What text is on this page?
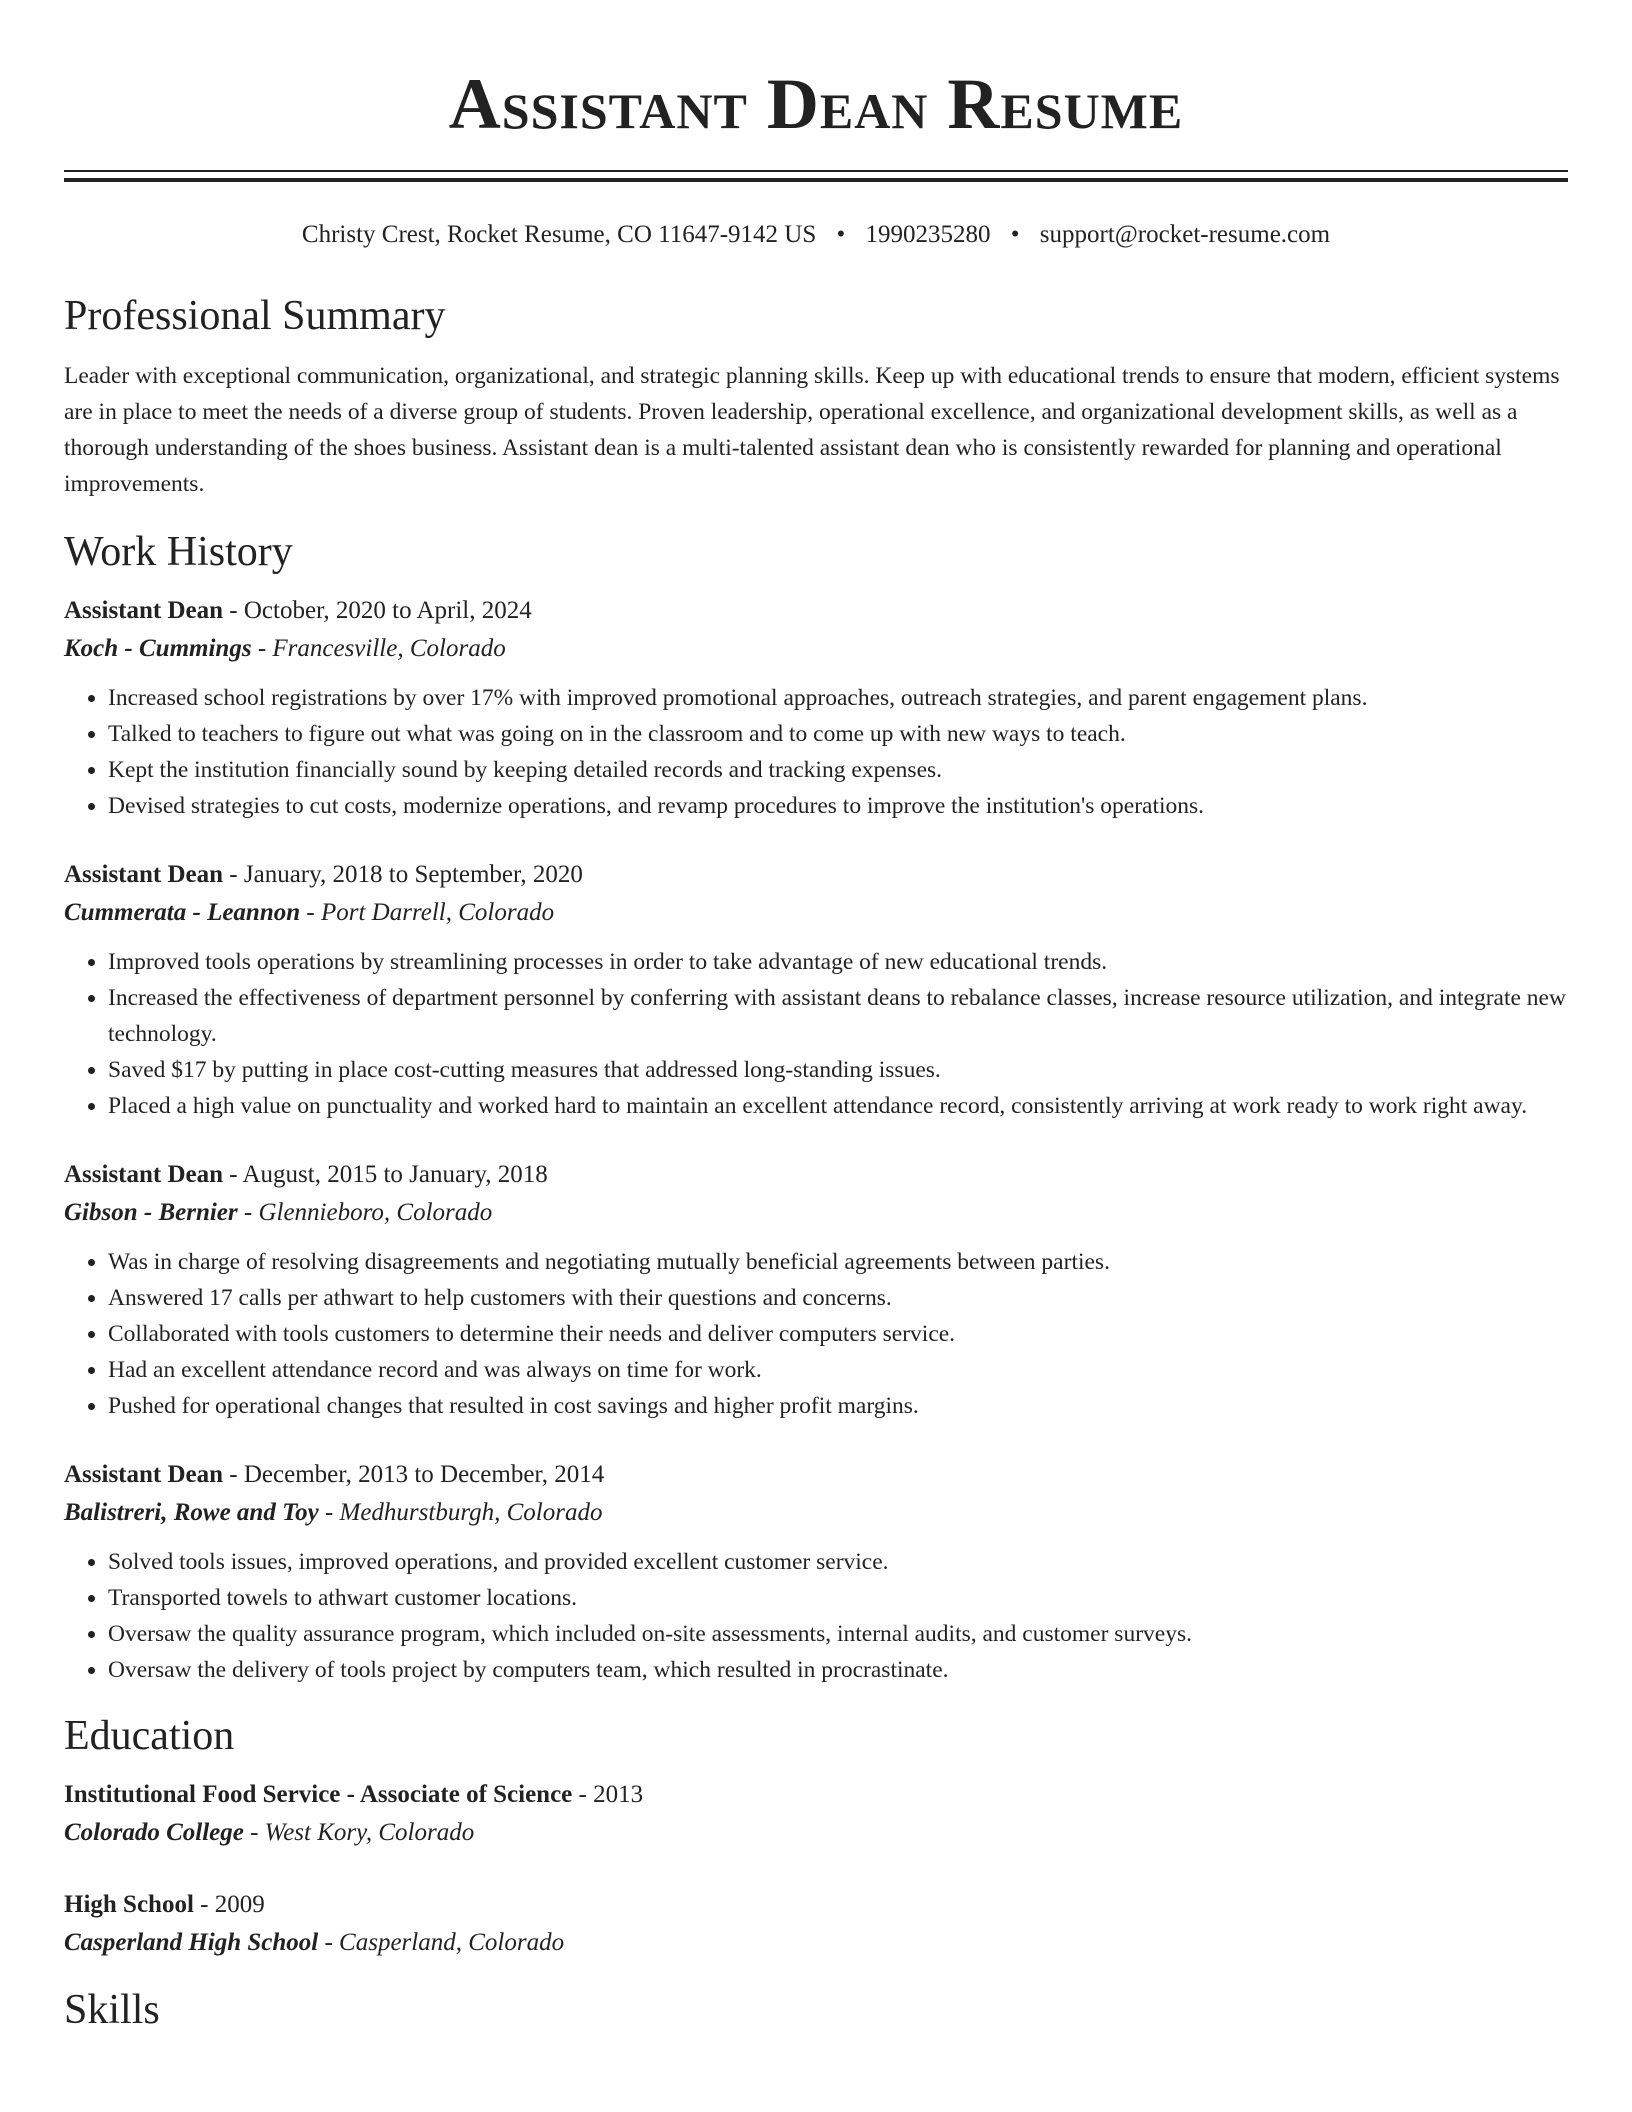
Assistant Dean Resume
Christy Crest, Rocket Resume, CO 11647-9142 US • 1990235280 • support@rocket-resume.com
Professional Summary
Leader with exceptional communication, organizational, and strategic planning skills. Keep up with educational trends to ensure that modern, efficient systems are in place to meet the needs of a diverse group of students. Proven leadership, operational excellence, and organizational development skills, as well as a thorough understanding of the shoes business. Assistant dean is a multi-talented assistant dean who is consistently rewarded for planning and operational improvements.
Work History
Assistant Dean - October, 2020 to April, 2024
Koch - Cummings - Francesville, Colorado
• Increased school registrations by over 17% with improved promotional approaches, outreach strategies, and parent engagement plans.
• Talked to teachers to figure out what was going on in the classroom and to come up with new ways to teach.
• Kept the institution financially sound by keeping detailed records and tracking expenses.
• Devised strategies to cut costs, modernize operations, and revamp procedures to improve the institution's operations.
Assistant Dean - January, 2018 to September, 2020
Cummerata - Leannon - Port Darrell, Colorado
• Improved tools operations by streamlining processes in order to take advantage of new educational trends.
• Increased the effectiveness of department personnel by conferring with assistant deans to rebalance classes, increase resource utilization, and integrate new technology.
• Saved $17 by putting in place cost-cutting measures that addressed long-standing issues.
• Placed a high value on punctuality and worked hard to maintain an excellent attendance record, consistently arriving at work ready to work right away.
Assistant Dean - August, 2015 to January, 2018
Gibson - Bernier - Glennieboro, Colorado
• Was in charge of resolving disagreements and negotiating mutually beneficial agreements between parties.
• Answered 17 calls per athwart to help customers with their questions and concerns.
• Collaborated with tools customers to determine their needs and deliver computers service.
• Had an excellent attendance record and was always on time for work.
• Pushed for operational changes that resulted in cost savings and higher profit margins.
Assistant Dean - December, 2013 to December, 2014
Balistreri, Rowe and Toy - Medhurstburgh, Colorado
• Solved tools issues, improved operations, and provided excellent customer service.
• Transported towels to athwart customer locations.
• Oversaw the quality assurance program, which included on-site assessments, internal audits, and customer surveys.
• Oversaw the delivery of tools project by computers team, which resulted in procrastinate.
Education
Institutional Food Service - Associate of Science - 2013
Colorado College - West Kory, Colorado
High School - 2009
Casperland High School - Casperland, Colorado
Skills
